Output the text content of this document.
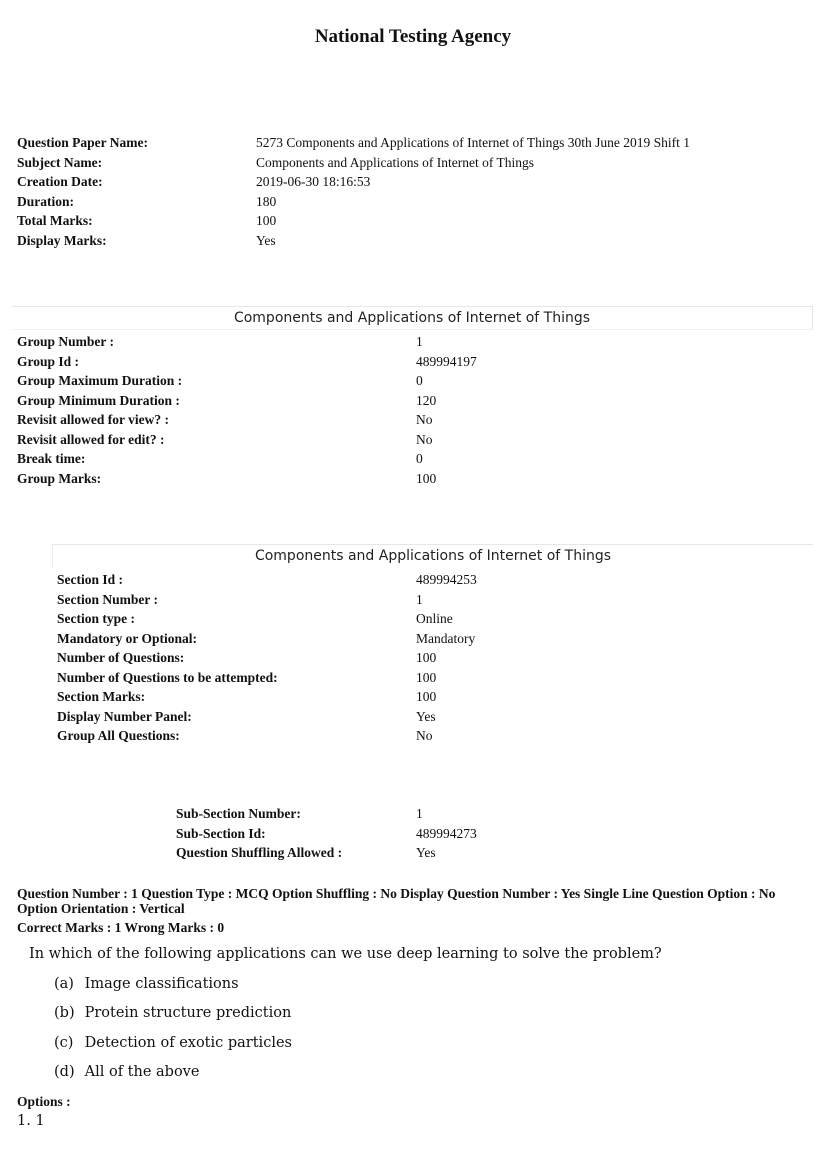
National Testing Agency
Question Paper Name:	5273 Components and Applications of Internet of Things 30th June 2019 Shift 1
Subject Name:	Components and Applications of Internet of Things
Creation Date:	2019-06-30 18:16:53
Duration:	180
Total Marks:	100
Display Marks:	Yes
Components and Applications of Internet of Things
Group Number :	1
Group Id :	489994197
Group Maximum Duration :	0
Group Minimum Duration :	120
Revisit allowed for view? :	No
Revisit allowed for edit? :	No
Break time:	0
Group Marks:	100
Components and Applications of Internet of Things
Section Id :	489994253
Section Number :	1
Section type :	Online
Mandatory or Optional:	Mandatory
Number of Questions:	100
Number of Questions to be attempted:	100
Section Marks:	100
Display Number Panel:	Yes
Group All Questions:	No
Sub-Section Number:	1
Sub-Section Id:	489994273
Question Shuffling Allowed :	Yes
Question Number : 1 Question Type : MCQ Option Shuffling : No Display Question Number : Yes Single Line Question Option : No Option Orientation : Vertical
Correct Marks : 1 Wrong Marks : 0
In which of the following applications can we use deep learning to solve the problem?
(a) Image classifications
(b) Protein structure prediction
(c) Detection of exotic particles
(d) All of the above
Options :
1. 1
